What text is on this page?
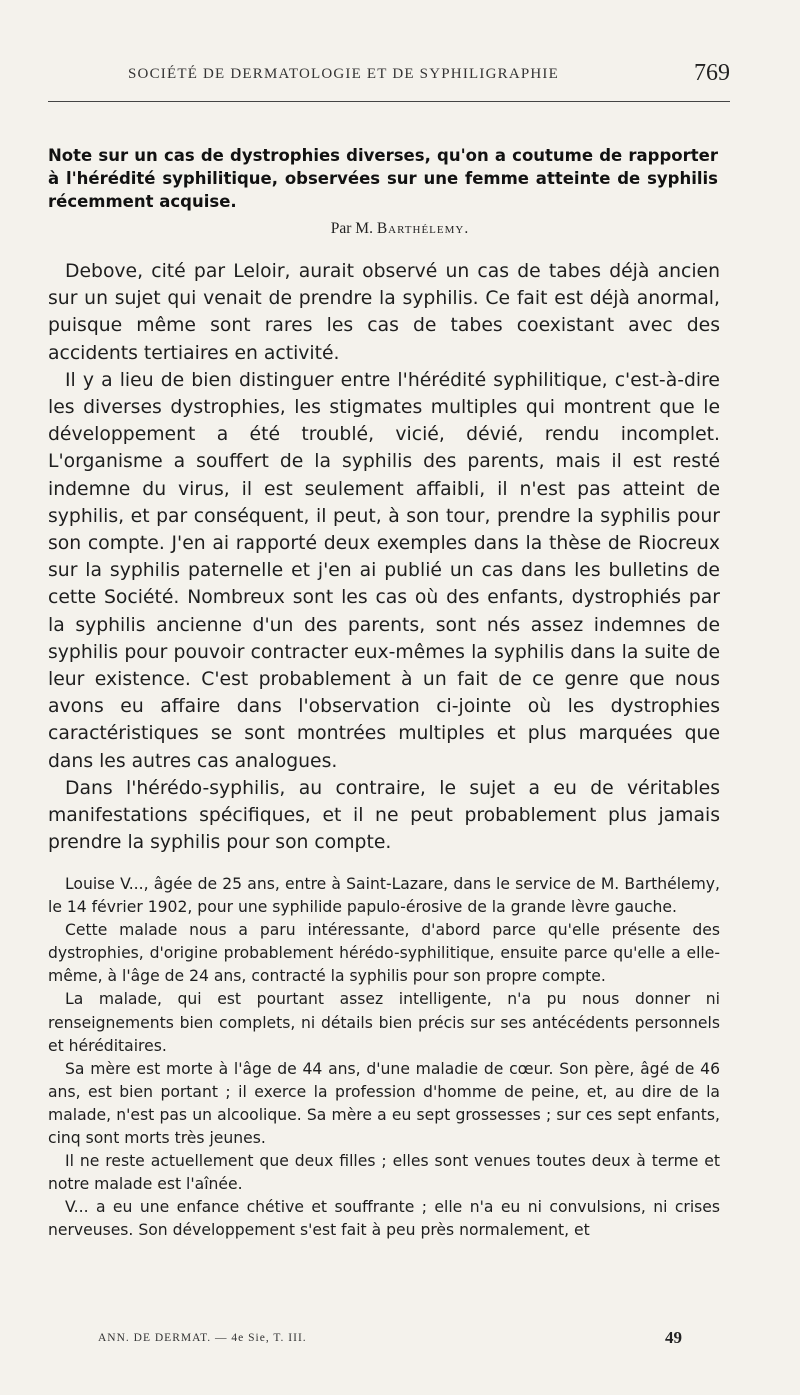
SOCIÉTÉ DE DERMATOLOGIE ET DE SYPHILIGRAPHIE	769
Note sur un cas de dystrophies diverses, qu'on a coutume de rapporter à l'hérédité syphilitique, observées sur une femme atteinte de syphilis récemment acquise.
Par M. Barthélemy.

Debove, cité par Leloir, aurait observé un cas de tabes déjà ancien sur un sujet qui venait de prendre la syphilis. Ce fait est déjà anormal, puisque même sont rares les cas de tabes coexistant avec des accidents tertiaires en activité.

Il y a lieu de bien distinguer entre l'hérédité syphilitique, c'est-à-dire les diverses dystrophies, les stigmates multiples qui montrent que le développement a été troublé, vicié, dévié, rendu incomplet. L'organisme a souffert de la syphilis des parents, mais il est resté indemne du virus, il est seulement affaibli, il n'est pas atteint de syphilis, et par conséquent, il peut, à son tour, prendre la syphilis pour son compte. J'en ai rapporté deux exemples dans la thèse de Riocreux sur la syphilis paternelle et j'en ai publié un cas dans les bulletins de cette Société. Nombreux sont les cas où des enfants, dystrophiés par la syphilis ancienne d'un des parents, sont nés assez indemnes de syphilis pour pouvoir contracter eux-mêmes la syphilis dans la suite de leur existence. C'est probablement à un fait de ce genre que nous avons eu affaire dans l'observation ci-jointe où les dystrophies caractéristiques se sont montrées multiples et plus marquées que dans les autres cas analogues.

Dans l'hérédo-syphilis, au contraire, le sujet a eu de véritables manifestations spécifiques, et il ne peut probablement plus jamais prendre la syphilis pour son compte.

Louise V..., âgée de 25 ans, entre à Saint-Lazare, dans le service de M. Barthélemy, le 14 février 1902, pour une syphilide papulo-érosive de la grande lèvre gauche.

Cette malade nous a paru intéressante, d'abord parce qu'elle présente des dystrophies, d'origine probablement hérédo-syphilitique, ensuite parce qu'elle a elle-même, à l'âge de 24 ans, contracté la syphilis pour son propre compte.

La malade, qui est pourtant assez intelligente, n'a pu nous donner ni renseignements bien complets, ni détails bien précis sur ses antécédents personnels et héréditaires.

Sa mère est morte à l'âge de 44 ans, d'une maladie de cœur. Son père, âgé de 46 ans, est bien portant ; il exerce la profession d'homme de peine, et, au dire de la malade, n'est pas un alcoolique. Sa mère a eu sept grossesses ; sur ces sept enfants, cinq sont morts très jeunes.

Il ne reste actuellement que deux filles ; elles sont venues toutes deux à terme et notre malade est l'aînée.

V... a eu une enfance chétive et souffrante ; elle n'a eu ni convulsions, ni crises nerveuses. Son développement s'est fait à peu près normalement, et

ANN. DE DERMAT. — 4e Sie, T. III.	49
